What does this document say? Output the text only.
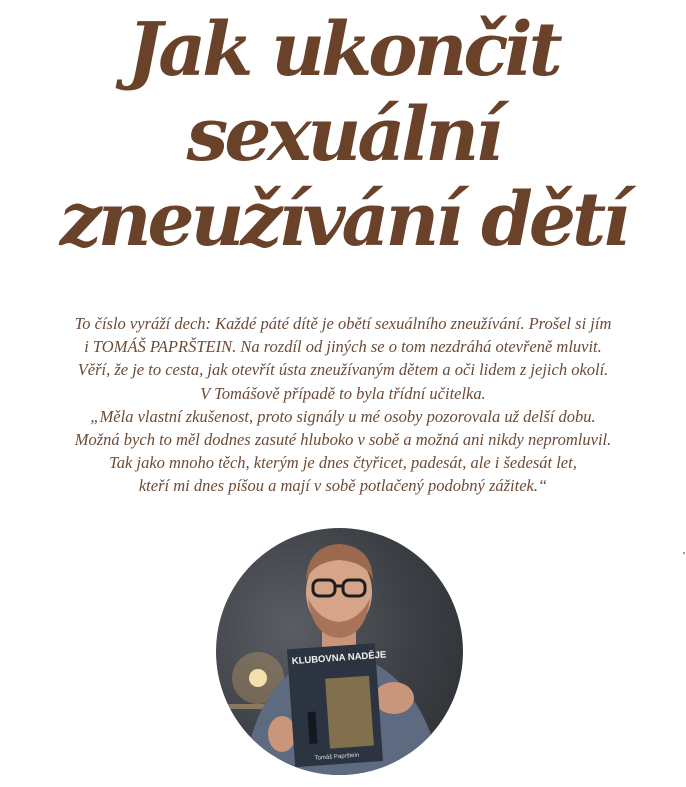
Jak ukončit
sexuální
zneužívání dětí
To číslo vyráží dech: Každé páté dítě je obětí sexuálního zneužívání. Prošel si jím
i TOMÁŠ PAPRŠTEIN. Na rozdíl od jiných se o tom nezdráhá otevřeně mluvit.
Věří, že je to cesta, jak otevřít ústa zneužívaným dětem a oči lidem z jejich okolí.
V Tomášově případě to byla třídní učitelka.
„Měla vlastní zkušenost, proto signály u mé osoby pozorovala už delší dobu.
Možná bych to měl dodnes zasuté hluboko v sobě a možná ani nikdy nepromluvil.
Tak jako mnoho těch, kterým je dnes čtyřicet, padesát, ale i šedesát let,
kteří mi dnes píšou a mají v sobě potlačený podobný zážitek.“
KLUBOVNA NADĚJE
Tomáš Paprštein
